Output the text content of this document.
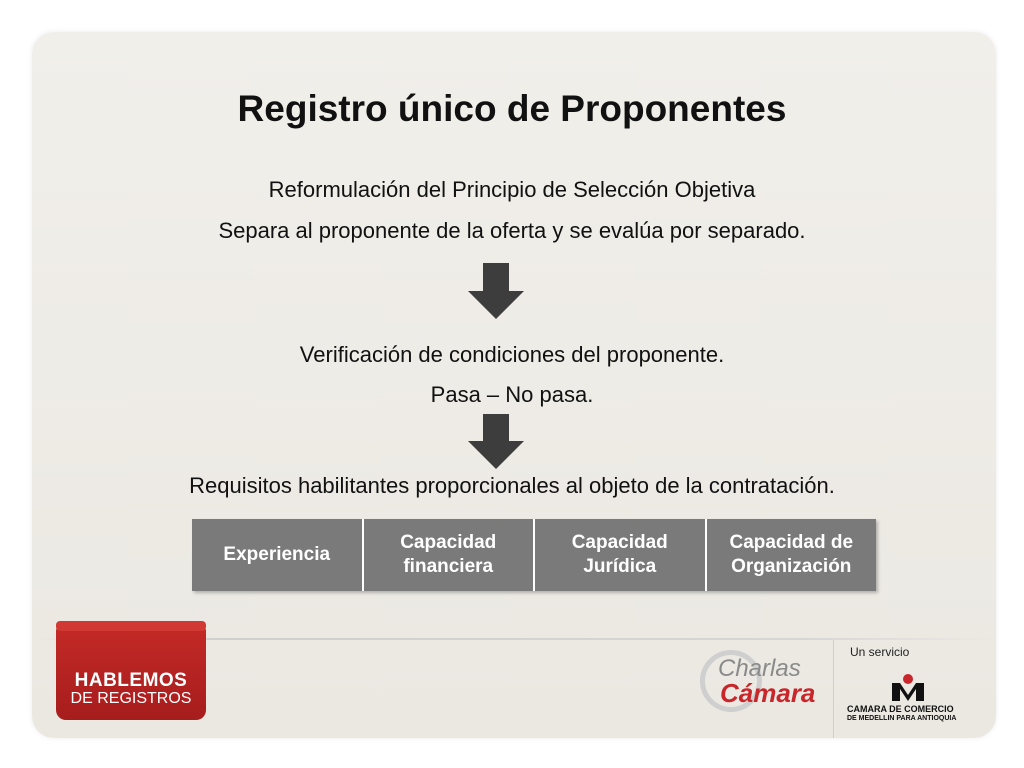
Registro único de Proponentes

Reformulación del Principio de Selección Objetiva

Separa al proponente de la oferta y se evalúa por separado.

Verificación de condiciones del proponente.

Pasa – No pasa.

Requisitos habilitantes proporcionales al objeto de la contratación.

Experiencia
Capacidad
financiera
Capacidad
Jurídica
Capacidad de
Organización

HABLEMOS

DE REGISTROS

Charlas

Cámara

Un servicio

CAMARA DE COMERCIO

DE MEDELLIN PARA ANTIOQUIA
